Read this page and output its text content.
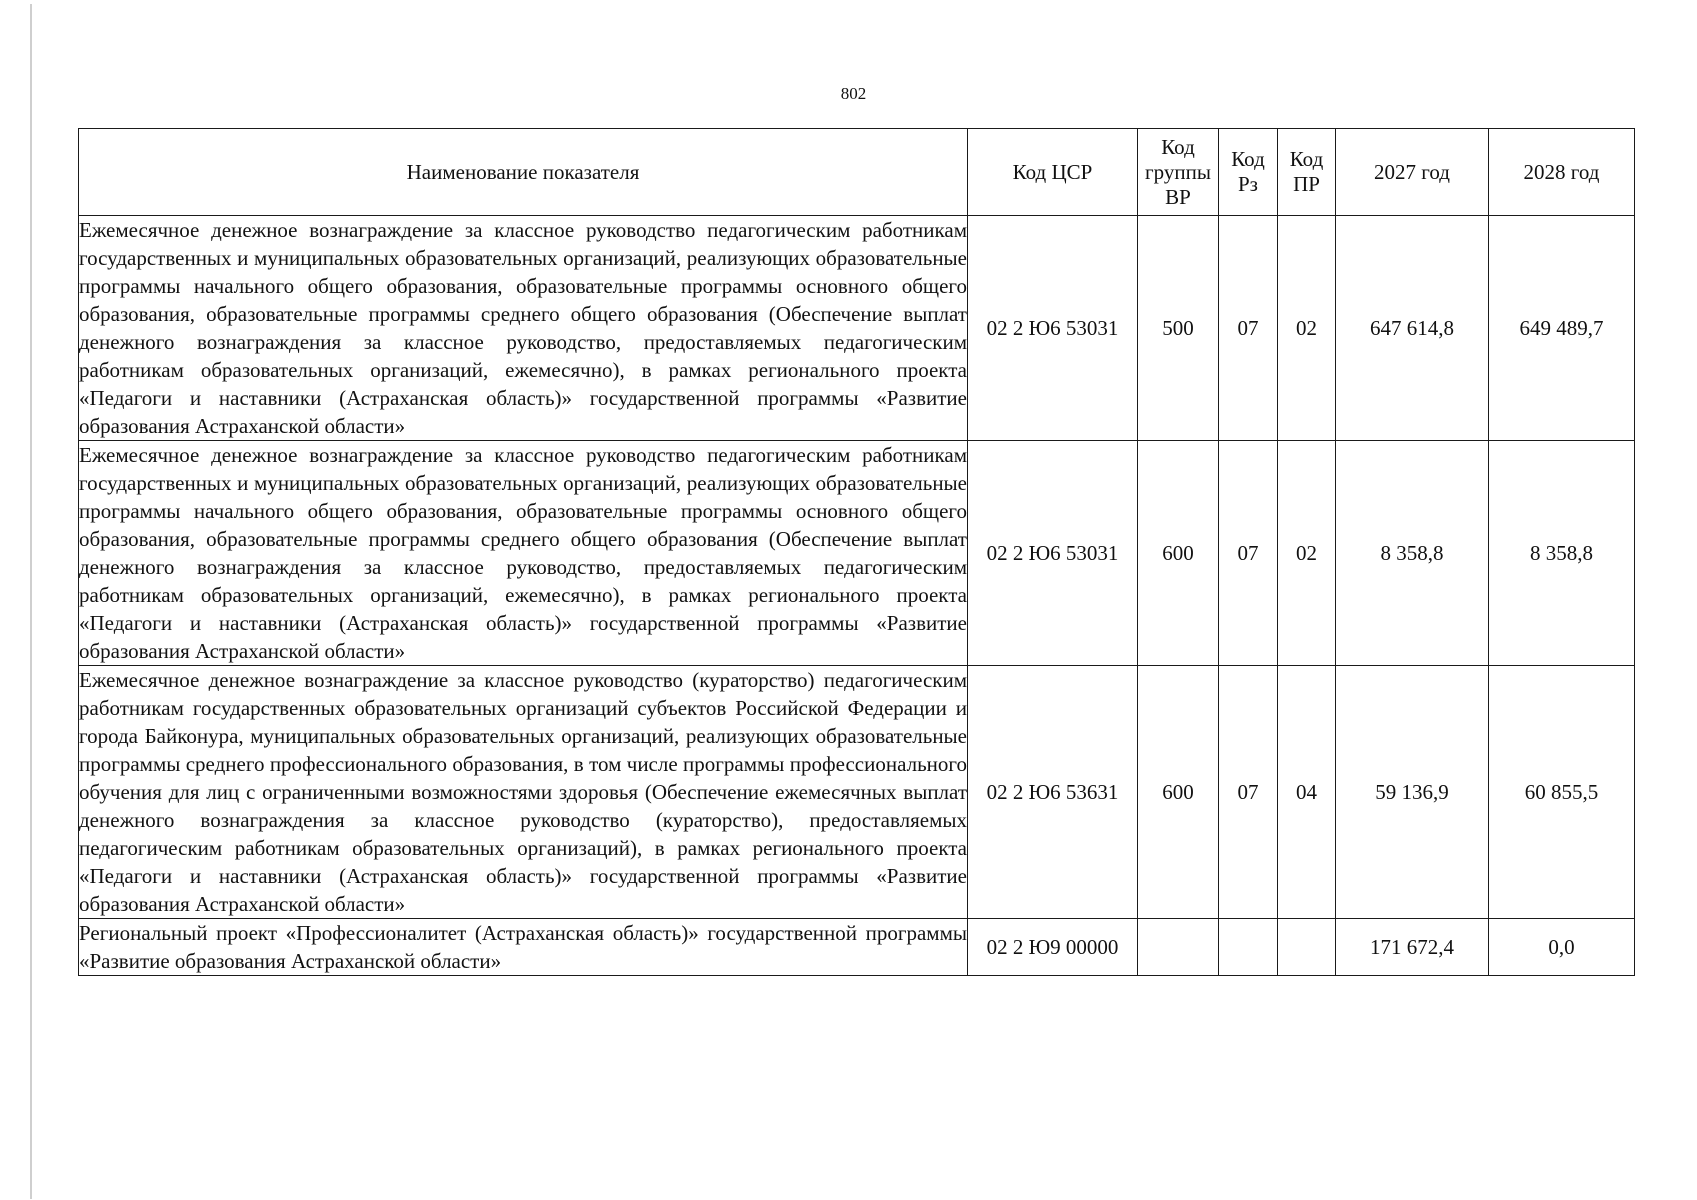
802
Наименование показателя	Код ЦСР	Код группы ВР	Код Рз	Код ПР	2027 год	2028 год
Ежемесячное денежное вознаграждение за классное руководство педагогическим работникам государственных и муниципальных образовательных организаций, реализующих образовательные программы начального общего образования, образовательные программы основного общего образования, образовательные программы среднего общего образования (Обеспечение выплат денежного вознаграждения за классное руководство, предоставляемых педагогическим работникам образовательных организаций, ежемесячно), в рамках регионального проекта «Педагоги и наставники (Астраханская область)» государственной программы «Развитие образования Астраханской области»	02 2 Ю6 53031	500	07	02	647 614,8	649 489,7
Ежемесячное денежное вознаграждение за классное руководство педагогическим работникам государственных и муниципальных образовательных организаций, реализующих образовательные программы начального общего образования, образовательные программы основного общего образования, образовательные программы среднего общего образования (Обеспечение выплат денежного вознаграждения за классное руководство, предоставляемых педагогическим работникам образовательных организаций, ежемесячно), в рамках регионального проекта «Педагоги и наставники (Астраханская область)» государственной программы «Развитие образования Астраханской области»	02 2 Ю6 53031	600	07	02	8 358,8	8 358,8
Ежемесячное денежное вознаграждение за классное руководство (кураторство) педагогическим работникам государственных образовательных организаций субъектов Российской Федерации и города Байконура, муниципальных образовательных организаций, реализующих образовательные программы среднего профессионального образования, в том числе программы профессионального обучения для лиц с ограниченными возможностями здоровья (Обеспечение ежемесячных выплат денежного вознаграждения за классное руководство (кураторство), предоставляемых педагогическим работникам образовательных организаций), в рамках регионального проекта «Педагоги и наставники (Астраханская область)» государственной программы «Развитие образования Астраханской области»	02 2 Ю6 53631	600	07	04	59 136,9	60 855,5
Региональный проект «Профессионалитет (Астраханская область)» государственной программы «Развитие образования Астраханской области»	02 2 Ю9 00000				171 672,4	0,0
